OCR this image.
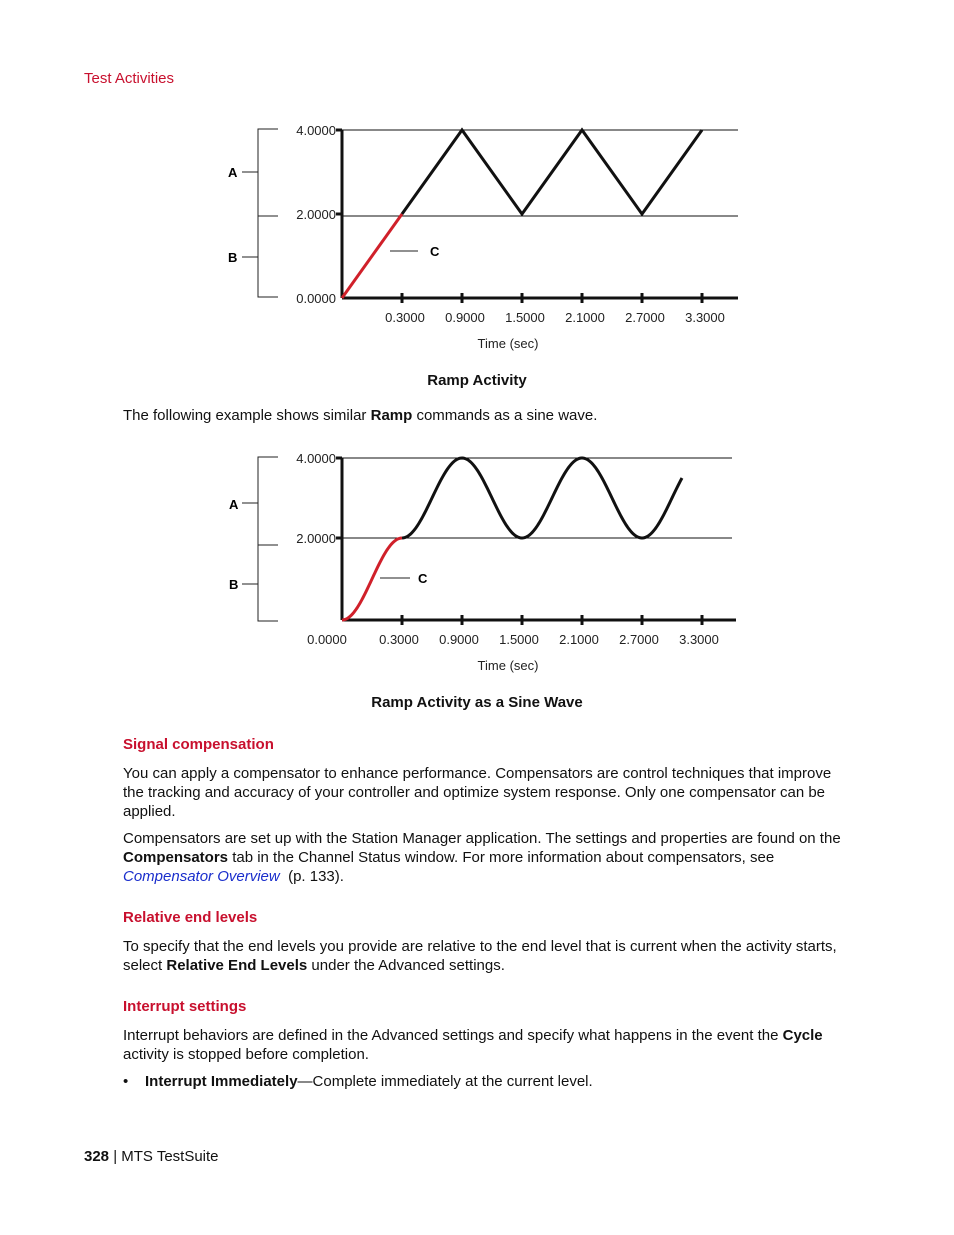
Test Activities
A
B	C
4.0000
2.0000
0.0000
0.3000 0.9000 1.5000 2.1000 2.7000 3.3000
Time (sec)
Ramp Activity
The following example shows similar Ramp commands as a sine wave.
A
B	C
4.0000
2.0000
0.0000 0.3000 0.9000 1.5000 2.1000 2.7000 3.3000
Time (sec)
Ramp Activity as a Sine Wave
Signal compensation

You can apply a compensator to enhance performance. Compensators are control techniques that improve the tracking and accuracy of your controller and optimize system response. Only one compensator can be applied.

Compensators are set up with the Station Manager application. The settings and properties are found on the Compensators tab in the Channel Status window. For more information about compensators, see Compensator Overview  (p. 133).
Relative end levels
To specify that the end levels you provide are relative to the end level that is current when the activity starts, select Relative End Levels under the Advanced settings.
Interrupt settings
Interrupt behaviors are defined in the Advanced settings and specify what happens in the event the Cycle activity is stopped before completion.
• Interrupt Immediately—Complete immediately at the current level.
328 | MTS TestSuite
